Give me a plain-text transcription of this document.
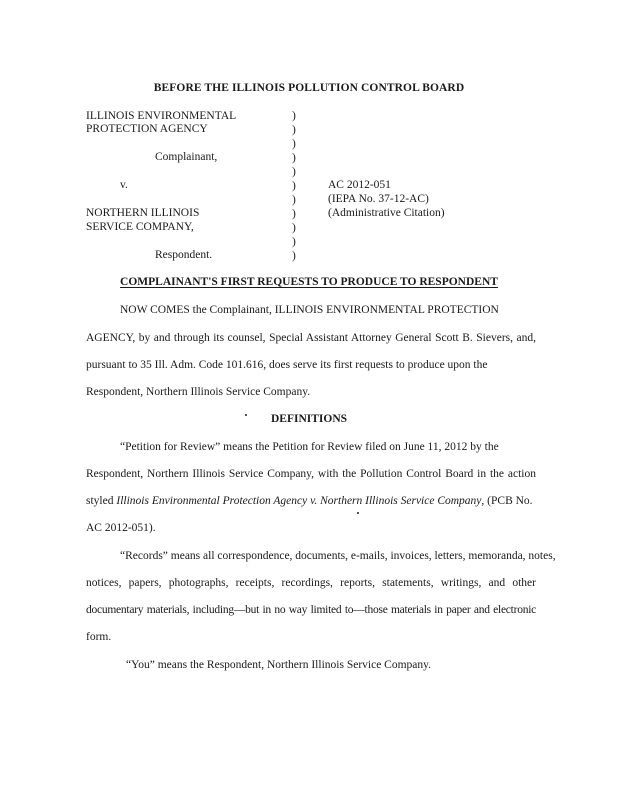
BEFORE THE ILLINOIS POLLUTION CONTROL BOARD
ILLINOIS ENVIRONMENTAL
PROTECTION AGENCY
Complainant,
v.
NORTHERN ILLINOIS
SERVICE COMPANY,
Respondent.
)
)
)
)
)
)
)
)
)
)
)
AC 2012-051
(IEPA No. 37-12-AC)
(Administrative Citation)
COMPLAINANT'S FIRST REQUESTS TO PRODUCE TO RESPONDENT
NOW COMES the Complainant, ILLINOIS ENVIRONMENTAL PROTECTION
AGENCY, by and through its counsel, Special Assistant Attorney General Scott B. Sievers, and,
pursuant to 35 Ill. Adm. Code 101.616, does serve its first requests to produce upon the
Respondent, Northern Illinois Service Company.
DEFINITIONS
“Petition for Review” means the Petition for Review filed on June 11, 2012 by the
Respondent, Northern Illinois Service Company, with the Pollution Control Board in the action
styled Illinois Environmental Protection Agency v. Northern Illinois Service Company, (PCB No.
AC 2012-051).
“Records” means all correspondence, documents, e-mails, invoices, letters, memoranda, notes,
notices, papers, photographs, receipts, recordings, reports, statements, writings, and other
documentary materials, including—but in no way limited to—those materials in paper and electronic
form.
“You” means the Respondent, Northern Illinois Service Company.
